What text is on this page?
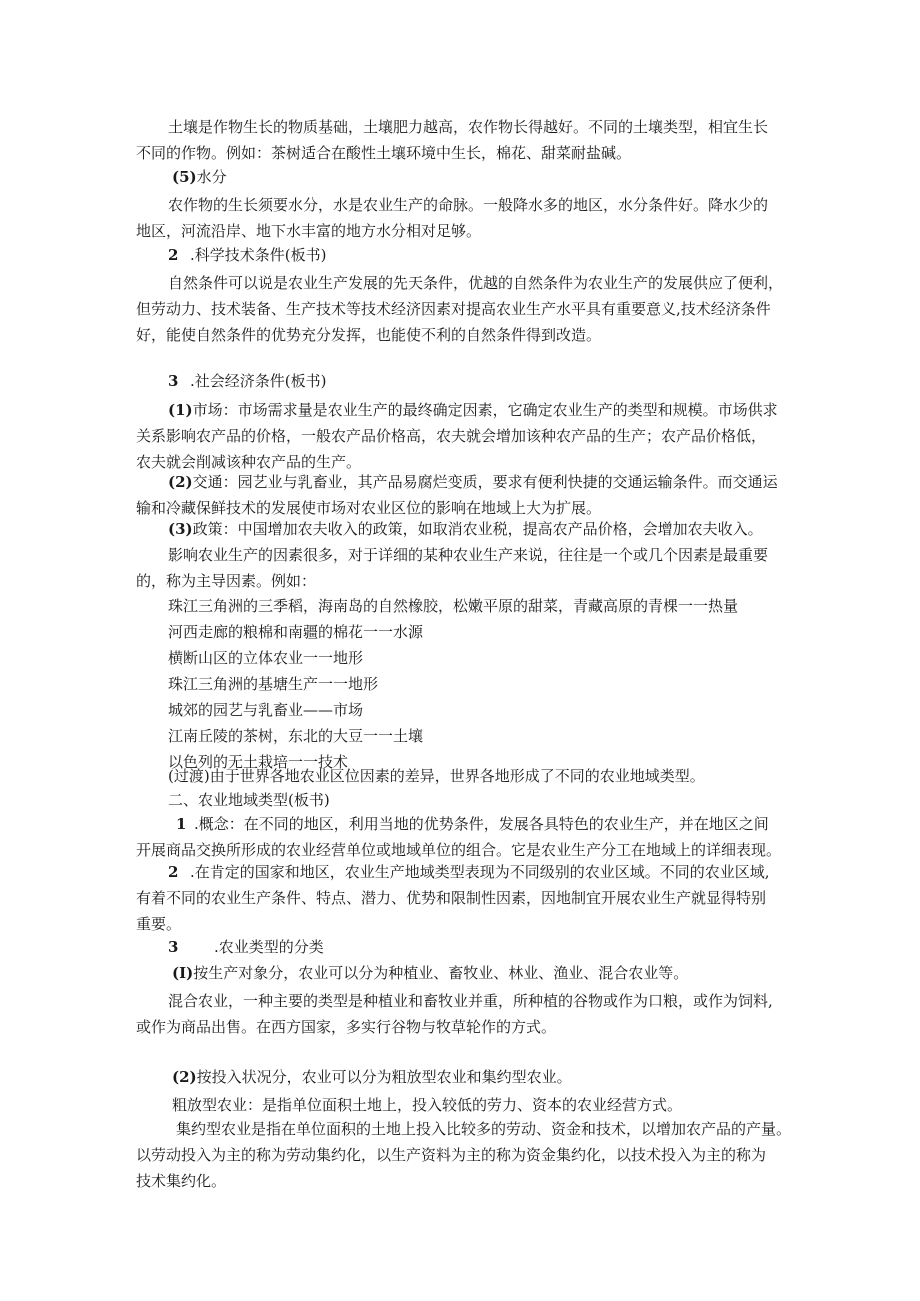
土壤是作物生长的物质基础，土壤肥力越高，农作物长得越好。不同的土壤类型，相宜生长
不同的作物。例如：茶树适合在酸性土壤环境中生长，棉花、甜菜耐盐碱。
(5)水分
农作物的生长须要水分，水是农业生产的命脉。一般降水多的地区，水分条件好。降水少的
地区，河流沿岸、地下水丰富的地方水分相对足够。
2 .科学技术条件(板书)
自然条件可以说是农业生产发展的先天条件，优越的自然条件为农业生产的发展供应了便利，
但劳动力、技术装备、生产技术等技术经济因素对提高农业生产水平具有重要意义,技术经济条件
好，能使自然条件的优势充分发挥，也能使不利的自然条件得到改造。
3 .社会经济条件(板书)
(1)市场：市场需求量是农业生产的最终确定因素，它确定农业生产的类型和规模。市场供求
关系影响农产品的价格，一般农产品价格高，农夫就会增加该种农产品的生产；农产品价格低，
农夫就会削减该种农产品的生产。
(2)交通：园艺业与乳畜业，其产品易腐烂变质，要求有便利快捷的交通运输条件。而交通运
输和冷藏保鲜技术的发展使市场对农业区位的影响在地域上大为扩展。
(3)政策：中国增加农夫收入的政策，如取消农业税，提高农产品价格，会增加农夫收入。
影响农业生产的因素很多，对于详细的某种农业生产来说，往往是一个或几个因素是最重要
的，称为主导因素。例如：
珠江三角洲的三季稻，海南岛的自然橡胶，松嫩平原的甜菜，青藏高原的青棵一一热量
河西走廊的粮棉和南疆的棉花一一水源
横断山区的立体农业一一地形
珠江三角洲的基塘生产一一地形
城郊的园艺与乳畜业——市场
江南丘陵的茶树，东北的大豆一一土壤
以色列的无土栽培一一技术
(过渡)由于世界各地农业区位因素的差异，世界各地形成了不同的农业地域类型。
二、农业地域类型(板书)
1 .概念：在不同的地区，利用当地的优势条件，发展各具特色的农业生产，并在地区之间
开展商品交换所形成的农业经营单位或地域单位的组合。它是农业生产分工在地域上的详细表现。
2 .在肯定的国家和地区，农业生产地域类型表现为不同级别的农业区域。不同的农业区域,
有着不同的农业生产条件、特点、潜力、优势和限制性因素，因地制宜开展农业生产就显得特别
重要。
3 .农业类型的分类
(I)按生产对象分，农业可以分为种植业、畜牧业、林业、渔业、混合农业等。
混合农业，一种主要的类型是种植业和畜牧业并重，所种植的谷物或作为口粮，或作为饲料,
或作为商品出售。在西方国家，多实行谷物与牧草轮作的方式。
(2)按投入状况分，农业可以分为粗放型农业和集约型农业。
粗放型农业：是指单位面积土地上，投入较低的劳力、资本的农业经营方式。
集约型农业是指在单位面积的土地上投入比较多的劳动、资金和技术，以增加农产品的产量。
以劳动投入为主的称为劳动集约化，以生产资料为主的称为资金集约化，以技术投入为主的称为
技术集约化。
